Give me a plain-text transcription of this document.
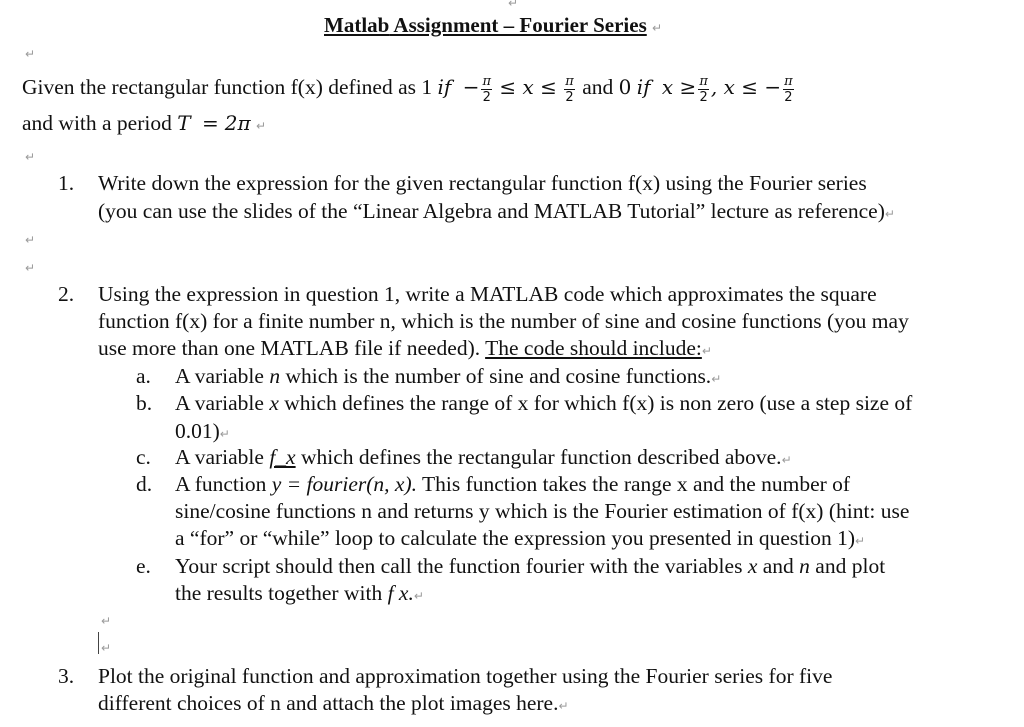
↵
Matlab Assignment – Fourier Series ↵
↵
Given the rectangular function f(x) defined as 1 if − $\frac{\pi}{2} \le x \le \frac{\pi}{2}$ and 0 if $x \ge \frac{\pi}{2}$ , x ≤ − $\frac{\pi}{2}$
and with a period T = 2π ↵
↵
1. Write down the expression for the given rectangular function f(x) using the Fourier series
(you can use the slides of the “Linear Algebra and MATLAB Tutorial” lecture as reference)↵
↵
↵
2. Using the expression in question 1, write a MATLAB code which approximates the square
function f(x) for a finite number n, which is the number of sine and cosine functions (you may
use more than one MATLAB file if needed). The code should include:↵
a. A variable n which is the number of sine and cosine functions.↵
b. A variable x which defines the range of x for which f(x) is non zero (use a step size of
0.01)↵
c. A variable f_x which defines the rectangular function described above.↵
d. A function y = fourier(n, x). This function takes the range x and the number of
sine/cosine functions n and returns y which is the Fourier estimation of f(x) (hint: use
a “for” or “while” loop to calculate the expression you presented in question 1)↵
e. Your script should then call the function fourier with the variables x and n and plot
the results together with f x.↵
↵
↵
3. Plot the original function and approximation together using the Fourier series for five
different choices of n and attach the plot images here.↵
